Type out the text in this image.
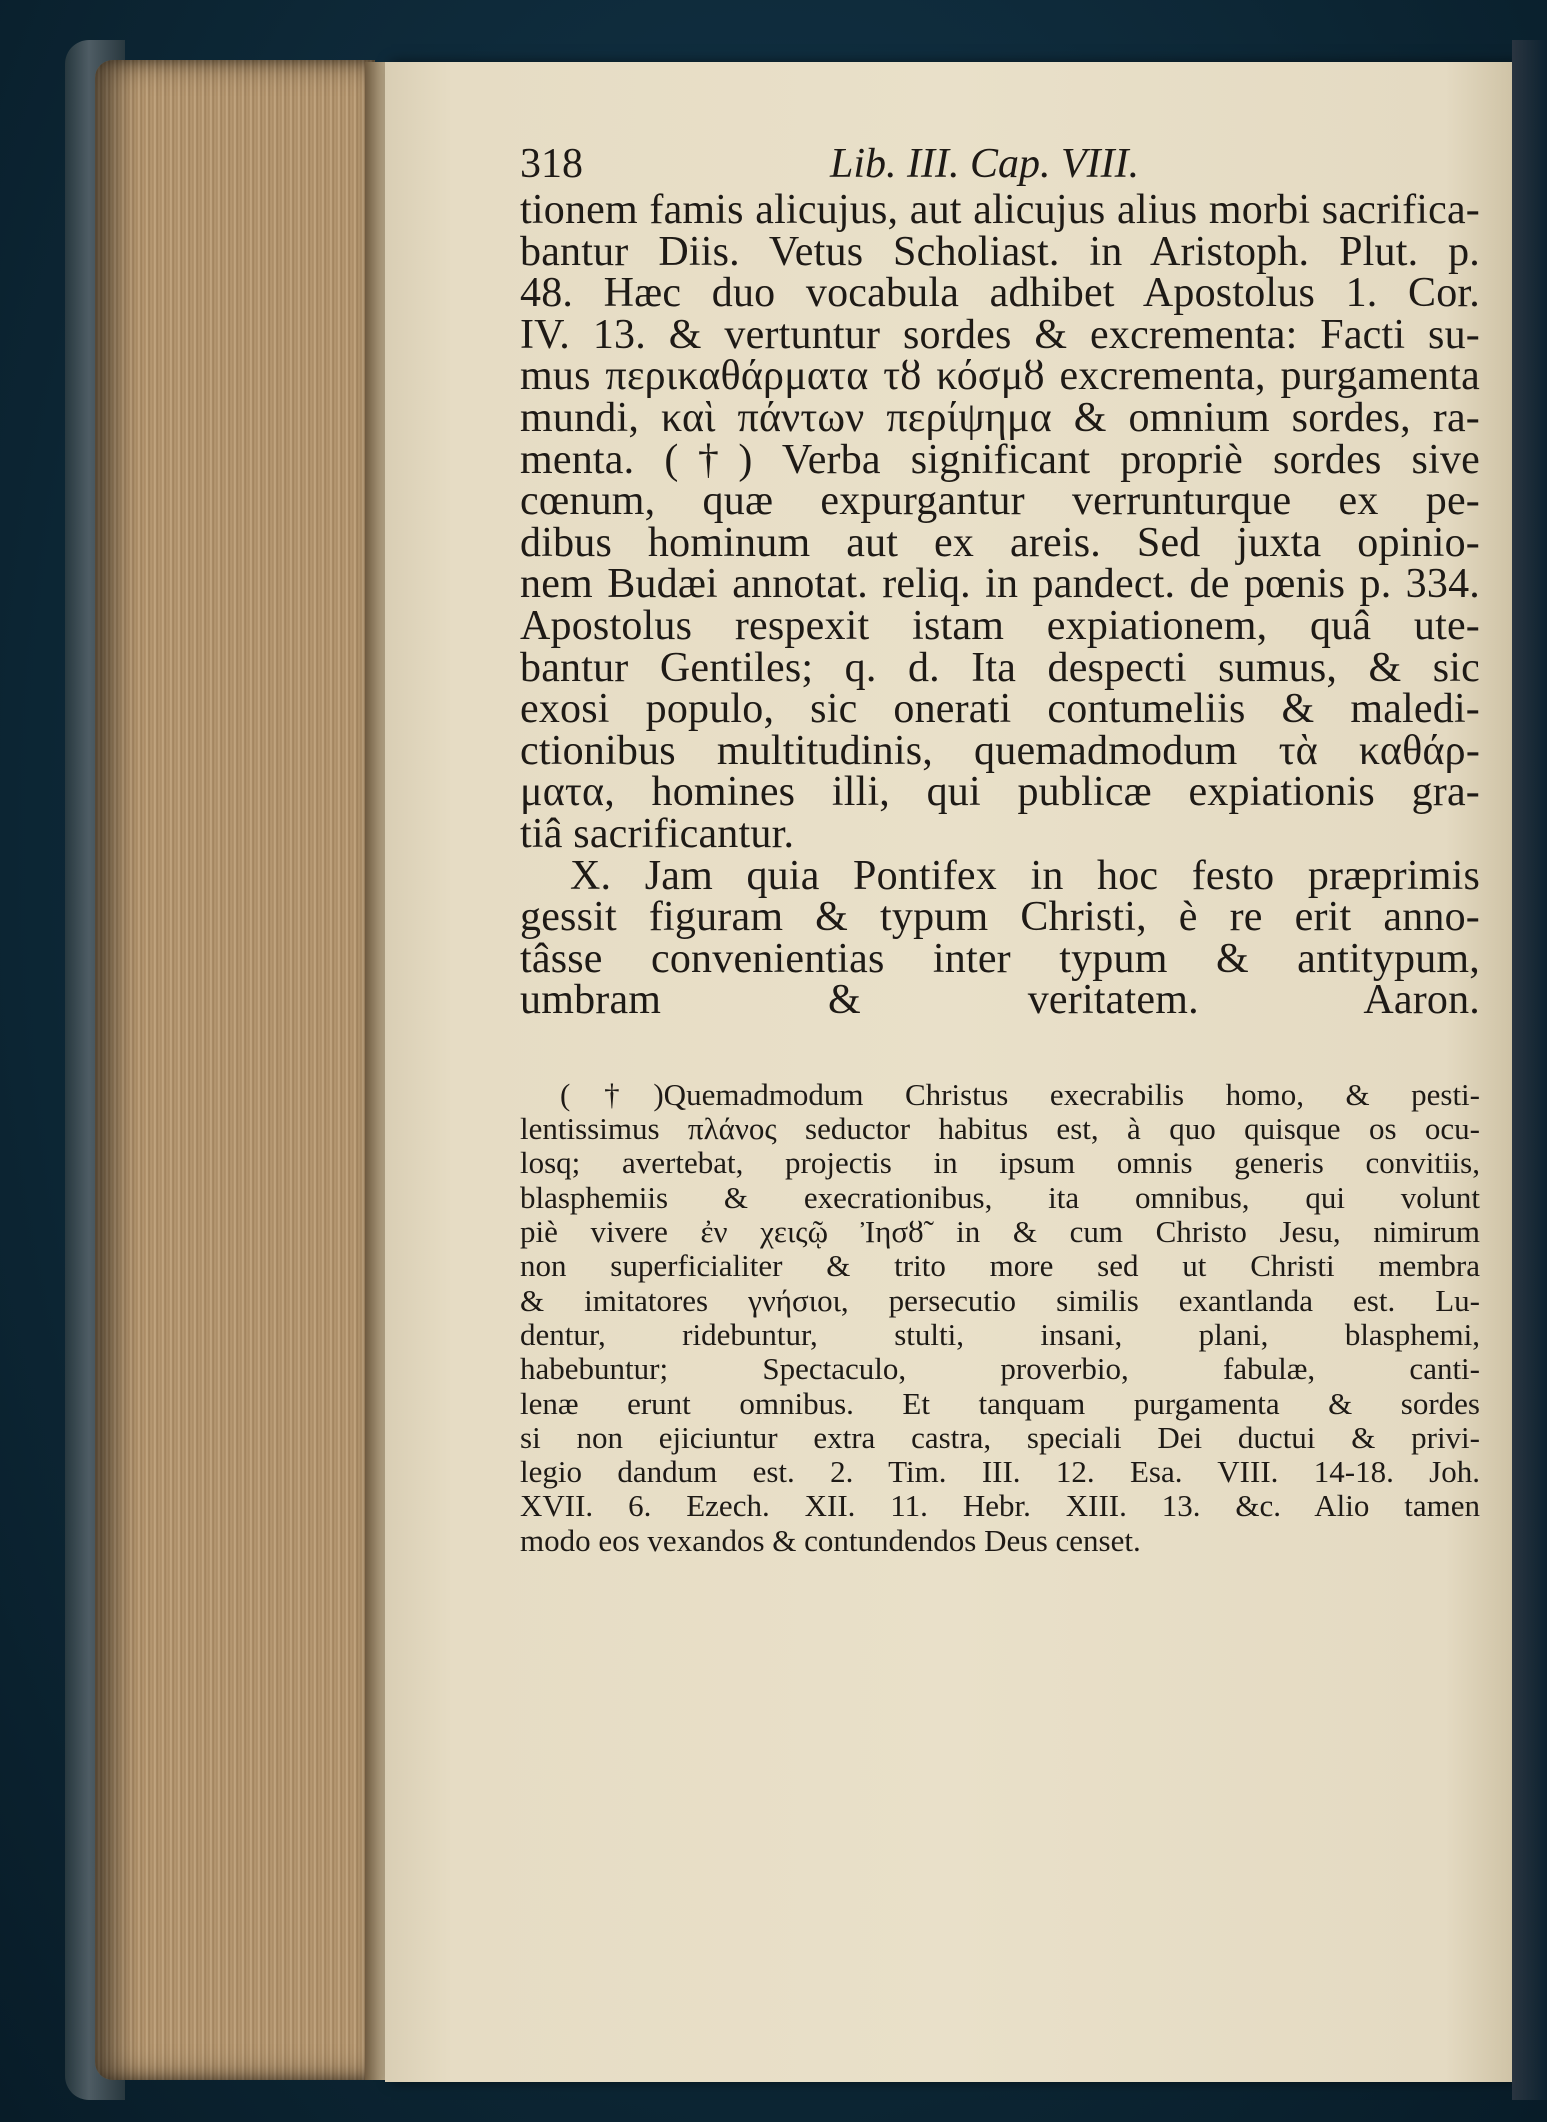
318	Lib. III. Cap. VIII.

tionem famis alicujus, aut alicujus alius morbi sacrifica-
bantur Diis. Vetus Scholiast. in Aristoph. Plut. p.
48. Hæc duo vocabula adhibet Apostolus 1. Cor.
IV. 13. & vertuntur sordes & excrementa: Facti su-
mus περικαθάρματα τȣ κόσμȣ excrementa, purgamenta
mundi, καὶ πάντων περίψημα & omnium sordes, ra-
menta. (†) Verba significant propriè sordes sive
cœnum, quæ expurgantur verrunturque ex pe-
dibus hominum aut ex areis. Sed juxta opinio-
nem Budæi annotat. reliq. in pandect. de pœnis p. 334.
Apostolus respexit istam expiationem, quâ ute-
bantur Gentiles; q. d. Ita despecti sumus, & sic
exosi populo, sic onerati contumeliis & maledi-
ctionibus multitudinis, quemadmodum τὰ καθάρ-
ματα, homines illi, qui publicæ expiationis gra-
tiâ sacrificantur.

X. Jam quia Pontifex in hoc festo præprimis
gessit figuram & typum Christi, è re erit anno-
tâsse convenientias inter typum & antitypum,
umbram & veritatem. Aaron.

(†)Quemadmodum Christus execrabilis homo, & pesti-
lentissimus πλάνος seductor habitus est, à quo quisque os ocu-
losq; avertebat, projectis in ipsum omnis generis convitiis,
blasphemiis & execrationibus, ita omnibus, qui volunt
piè vivere ἐν χειςῷ Ἰησȣ̃ in & cum Christo Jesu, nimirum
non superficialiter & trito more sed ut Christi membra
& imitatores γνήσιοι, persecutio similis exantlanda est. Lu-
dentur, ridebuntur, stulti, insani, plani, blasphemi,
habebuntur; Spectaculo, proverbio, fabulæ, canti-
lenæ erunt omnibus. Et tanquam purgamenta & sordes
si non ejiciuntur extra castra, speciali Dei ductui & privi-
legio dandum est. 2. Tim. III. 12. Esa. VIII. 14-18. Joh.
XVII. 6. Ezech. XII. 11. Hebr. XIII. 13. &c. Alio tamen
modo eos vexandos & contundendos Deus censet.
